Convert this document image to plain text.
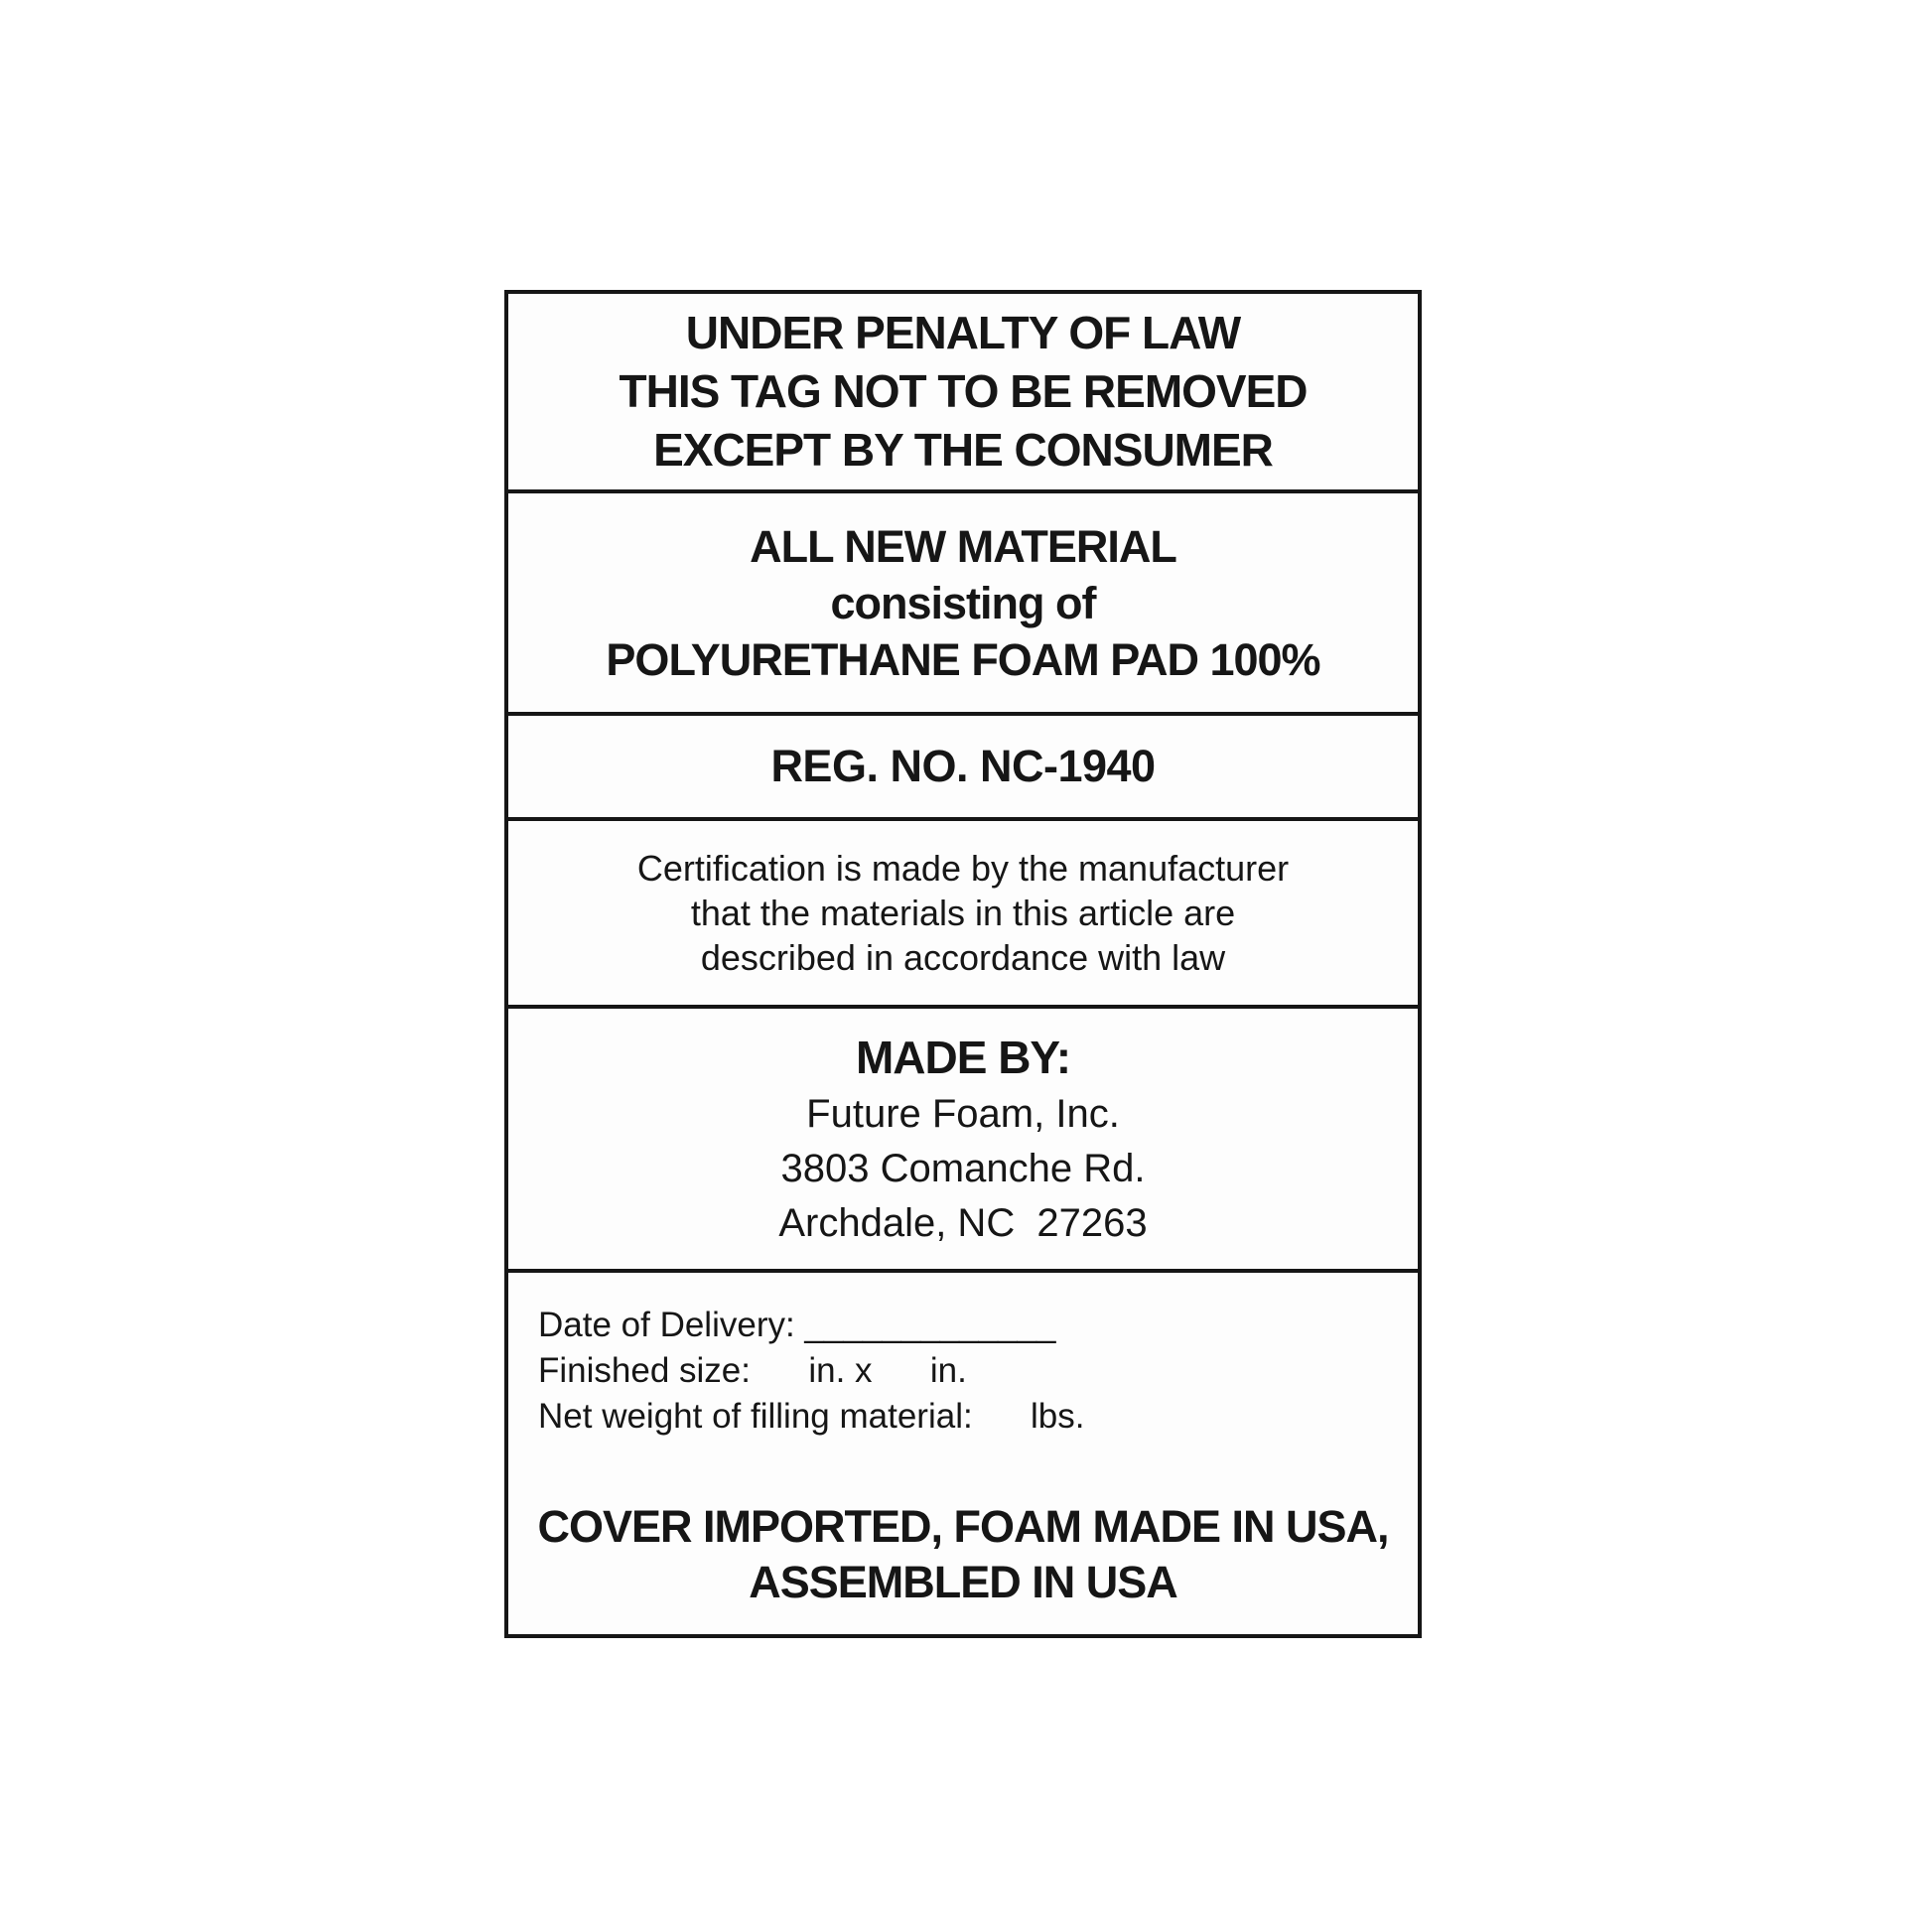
UNDER PENALTY OF LAW
THIS TAG NOT TO BE REMOVED
EXCEPT BY THE CONSUMER
ALL NEW MATERIAL
consisting of
POLYURETHANE FOAM PAD 100%
REG. NO. NC-1940
Certification is made by the manufacturer
that the materials in this article are
described in accordance with law
MADE BY:
Future Foam, Inc.
3803 Comanche Rd.
Archdale, NC  27263
Date of Delivery: _____________
Finished size:      in. x      in.
Net weight of filling material:      lbs.
COVER IMPORTED, FOAM MADE IN USA,
ASSEMBLED IN USA
